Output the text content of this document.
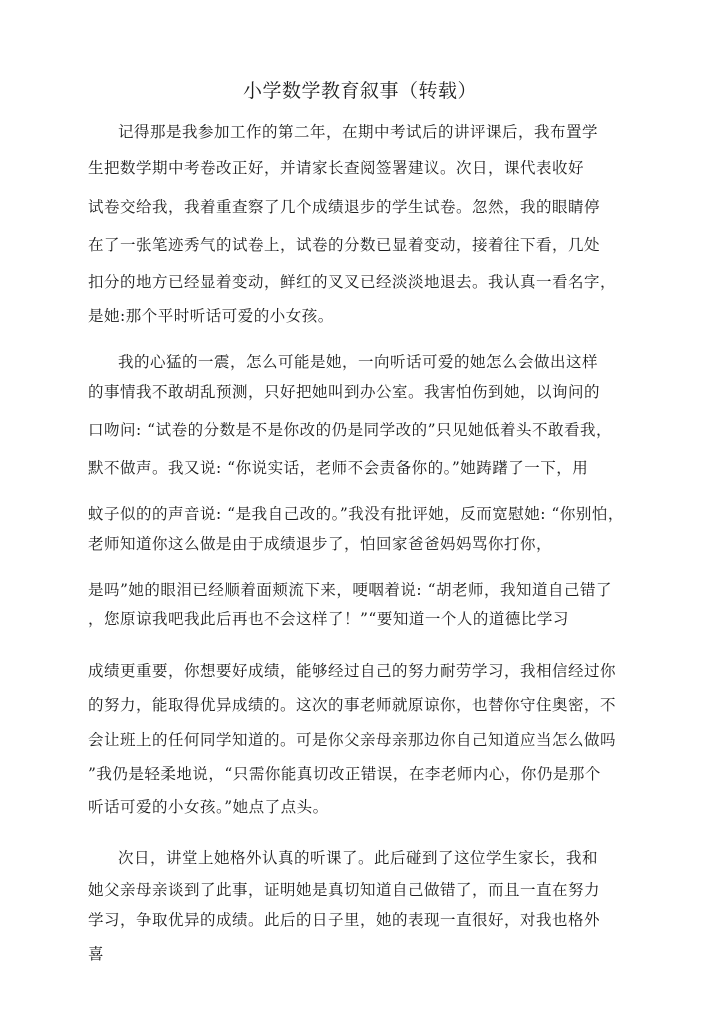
小学数学教育叙事（转载）
记得那是我参加工作的第二年，在期中考试后的讲评课后，我布置学
生把数学期中考卷改正好，并请家长查阅签署建议。次日，课代表收好
试卷交给我，我着重查察了几个成绩退步的学生试卷。忽然，我的眼睛停
在了一张笔迹秀气的试卷上，试卷的分数已显着变动，接着往下看，几处
扣分的地方已经显着变动，鲜红的叉叉已经淡淡地退去。我认真一看名字，
是她:那个平时听话可爱的小女孩。
我的心猛的一震，怎么可能是她，一向听话可爱的她怎么会做出这样
的事情我不敢胡乱预测，只好把她叫到办公室。我害怕伤到她，以询问的
口吻问: “试卷的分数是不是你改的仍是同学改的”只见她低着头不敢看我，
默不做声。我又说: “你说实话，老师不会责备你的。”她踌躇了一下，用
蚊子似的的声音说: “是我自己改的。”我没有批评她，反而宽慰她: “你别怕，
老师知道你这么做是由于成绩退步了，怕回家爸爸妈妈骂你打你，
是吗”她的眼泪已经顺着面颊流下来，哽咽着说: “胡老师，我知道自己错了
，您原谅我吧我此后再也不会这样了！”“要知道一个人的道德比学习
成绩更重要，你想要好成绩，能够经过自己的努力耐劳学习，我相信经过你
的努力，能取得优异成绩的。这次的事老师就原谅你，也替你守住奥密，不
会让班上的任何同学知道的。可是你父亲母亲那边你自己知道应当怎么做吗
”我仍是轻柔地说，“只需你能真切改正错误，在李老师内心，你仍是那个
听话可爱的小女孩。”她点了点头。
次日，讲堂上她格外认真的听课了。此后碰到了这位学生家长，我和
她父亲母亲谈到了此事，证明她是真切知道自己做错了，而且一直在努力
学习，争取优异的成绩。此后的日子里，她的表现一直很好，对我也格外
喜
